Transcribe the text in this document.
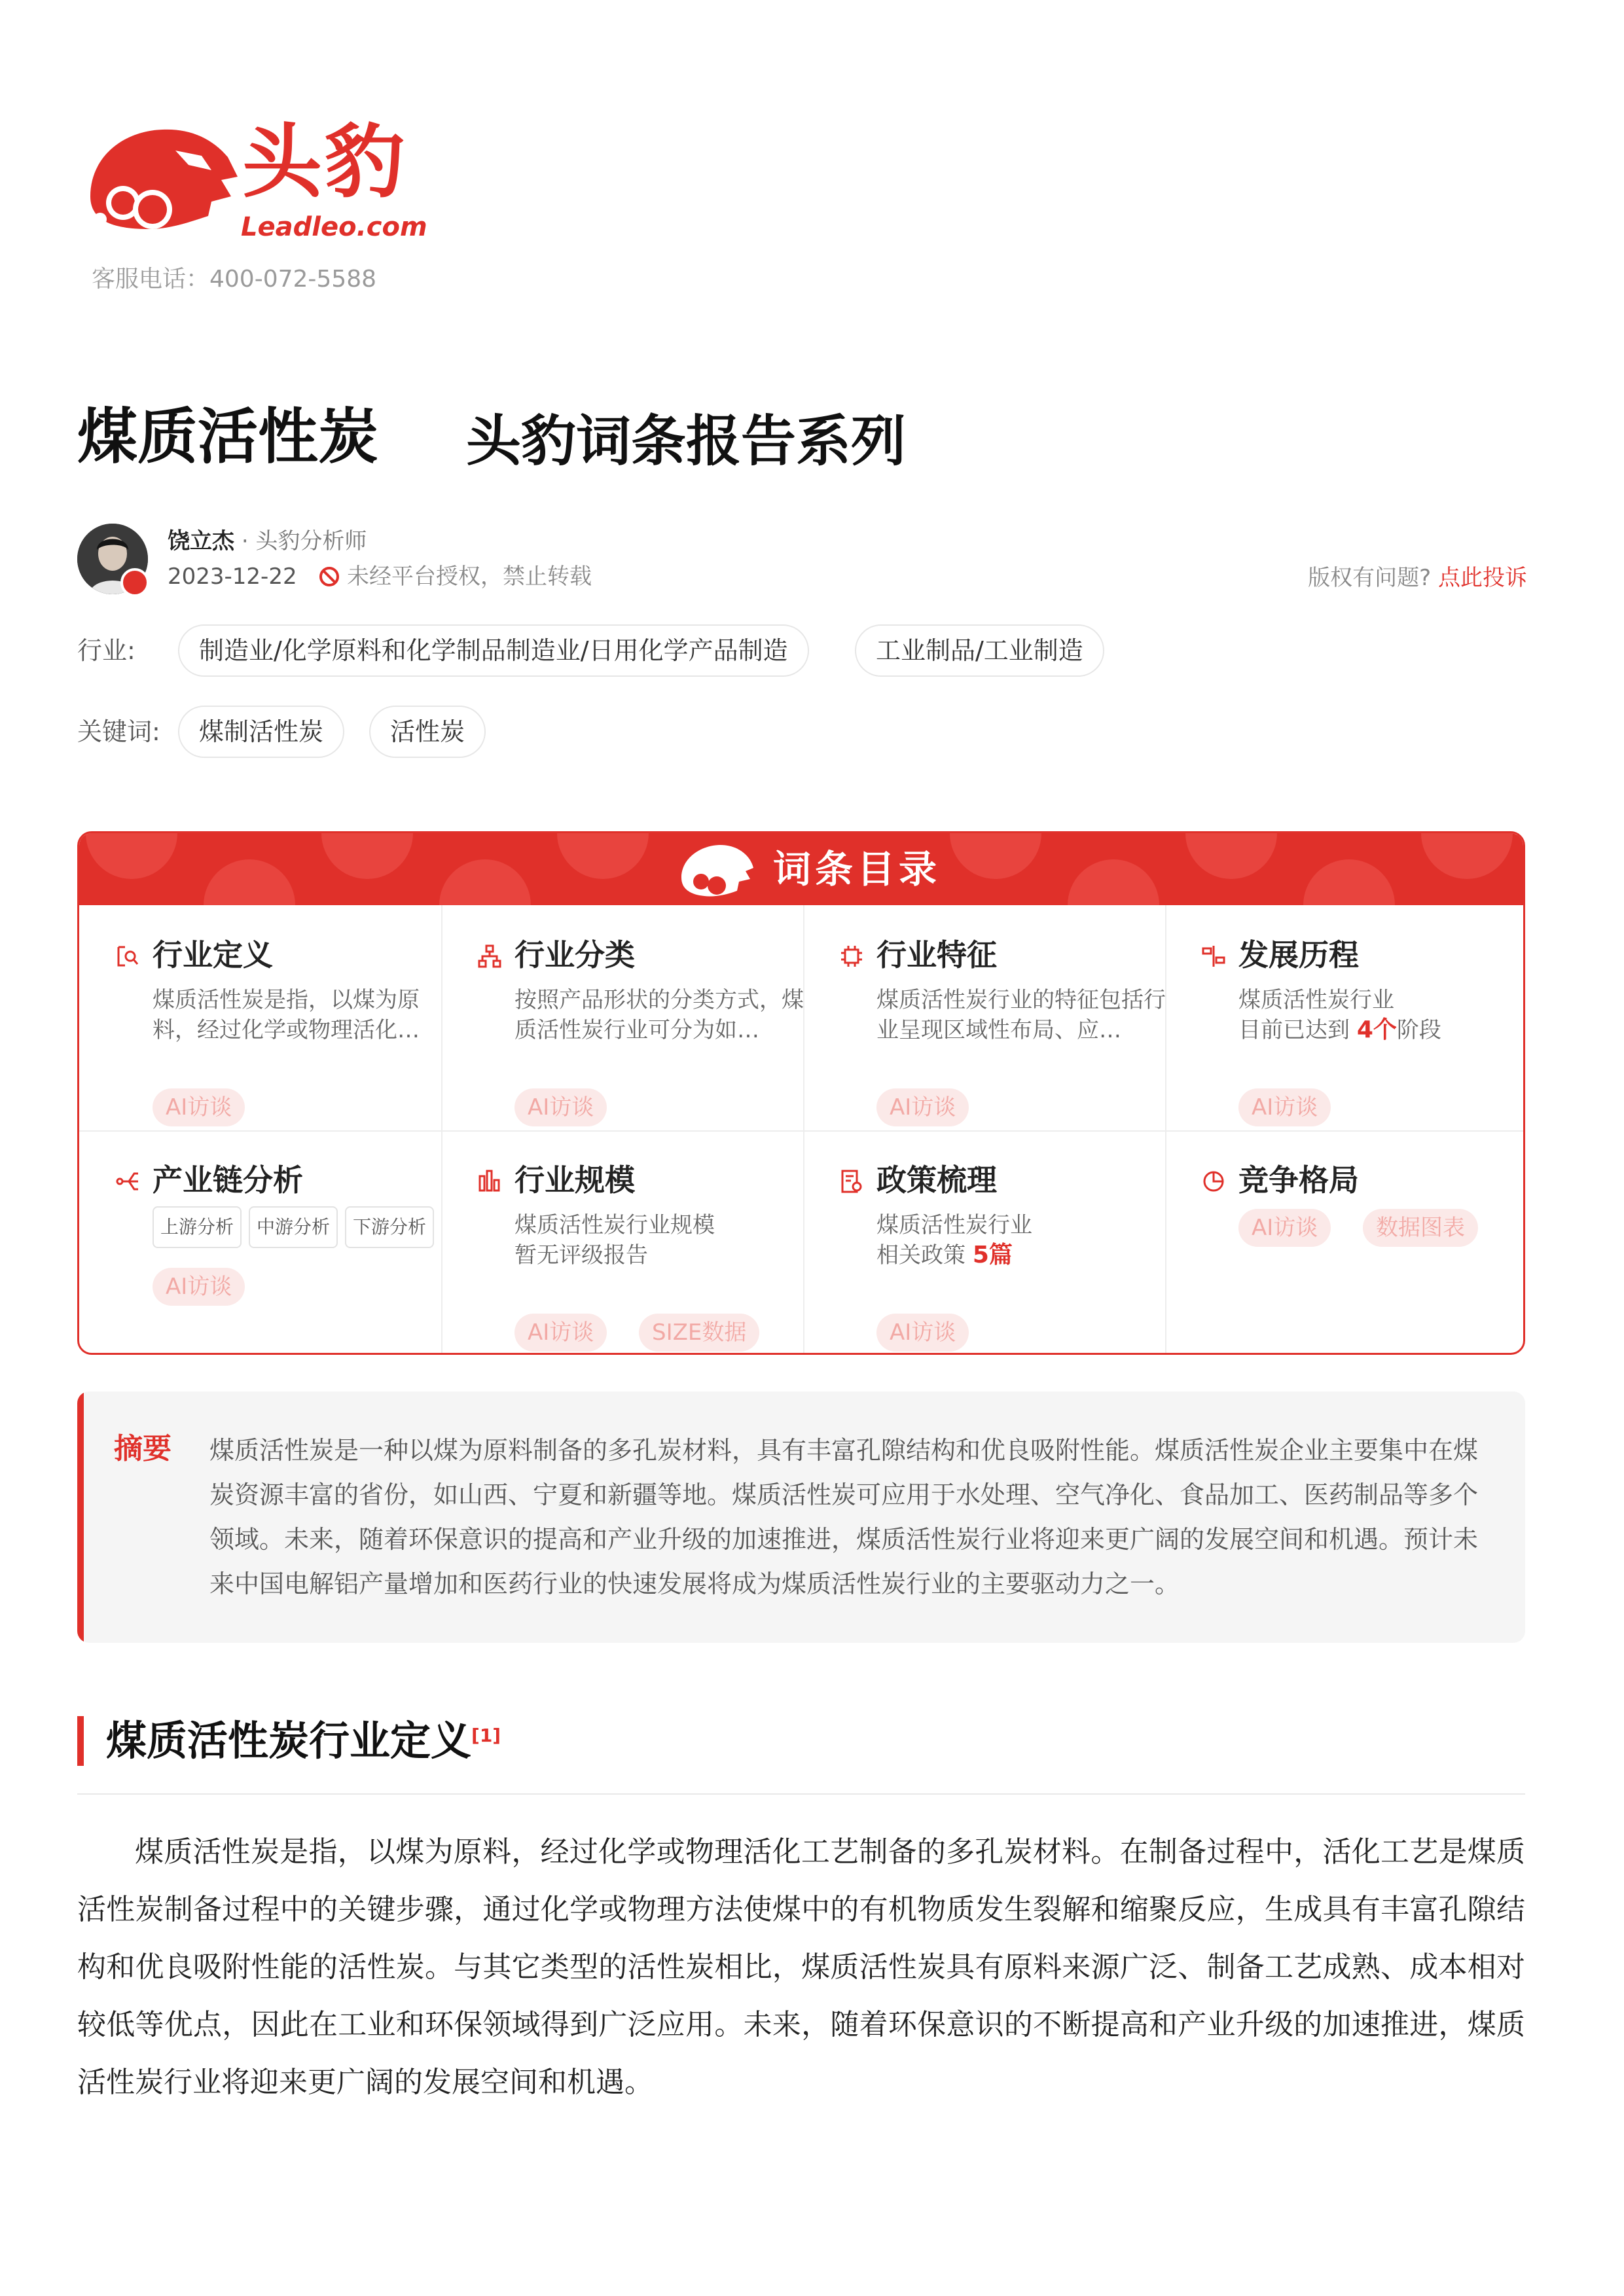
头豹
Leadleo.com
客服电话：400-072-5588
煤质活性炭 头豹词条报告系列
饶立杰 · 头豹分析师
2023-12-22 未经平台授权，禁止转载	版权有问题? 点此投诉
行业:	制造业/化学原料和化学制品制造业/日用化学产品制造	工业制品/工业制造
关键词:	煤制活性炭	活性炭
词条目录
行业定义
煤质活性炭是指，以煤为原料，经过化学或物理活化…
AI访谈
行业分类
按照产品形状的分类方式，煤质活性炭行业可分为如…
AI访谈
行业特征
煤质活性炭行业的特征包括行业呈现区域性布局、应…
AI访谈
发展历程
煤质活性炭行业
目前已达到 4个阶段
AI访谈
产业链分析
上游分析	中游分析	下游分析
AI访谈
行业规模
煤质活性炭行业规模
暂无评级报告
AI访谈	SIZE数据
政策梳理
煤质活性炭行业
相关政策 5篇
AI访谈
竞争格局
AI访谈	数据图表
摘要 煤质活性炭是一种以煤为原料制备的多孔炭材料，具有丰富孔隙结构和优良吸附性能。煤质活性炭企业主要集中在煤炭资源丰富的省份，如山西、宁夏和新疆等地。煤质活性炭可应用于水处理、空气净化、食品加工、医药制品等多个领域。未来，随着环保意识的提高和产业升级的加速推进，煤质活性炭行业将迎来更广阔的发展空间和机遇。预计未来中国电解铝产量增加和医药行业的快速发展将成为煤质活性炭行业的主要驱动力之一。
煤质活性炭行业定义[1]
煤质活性炭是指，以煤为原料，经过化学或物理活化工艺制备的多孔炭材料。在制备过程中，活化工艺是煤质活性炭制备过程中的关键步骤，通过化学或物理方法使煤中的有机物质发生裂解和缩聚反应，生成具有丰富孔隙结构和优良吸附性能的活性炭。与其它类型的活性炭相比，煤质活性炭具有原料来源广泛、制备工艺成熟、成本相对较低等优点，因此在工业和环保领域得到广泛应用。未来，随着环保意识的不断提高和产业升级的加速推进，煤质活性炭行业将迎来更广阔的发展空间和机遇。
